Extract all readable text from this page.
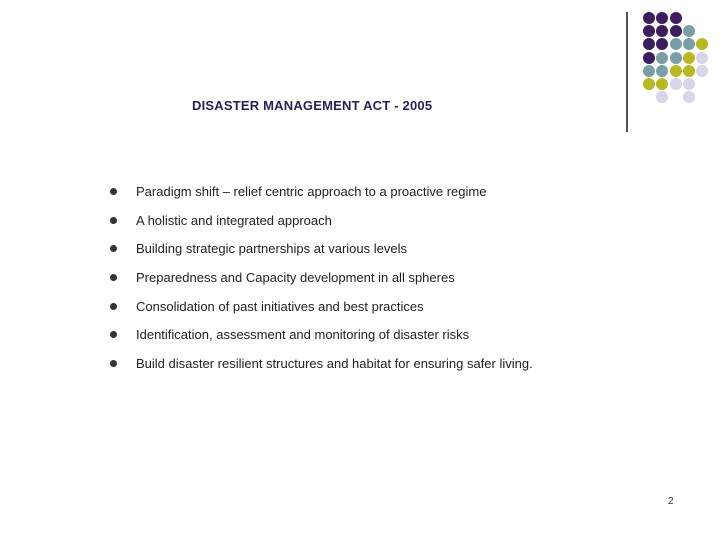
DISASTER MANAGEMENT ACT - 2005
Paradigm shift – relief centric approach to a proactive regime
A holistic and integrated approach
Building strategic partnerships at various levels
Preparedness and Capacity development in all spheres
Consolidation of past initiatives and best practices
Identification, assessment and monitoring of disaster risks
Build disaster resilient structures and habitat for ensuring safer living.
2
